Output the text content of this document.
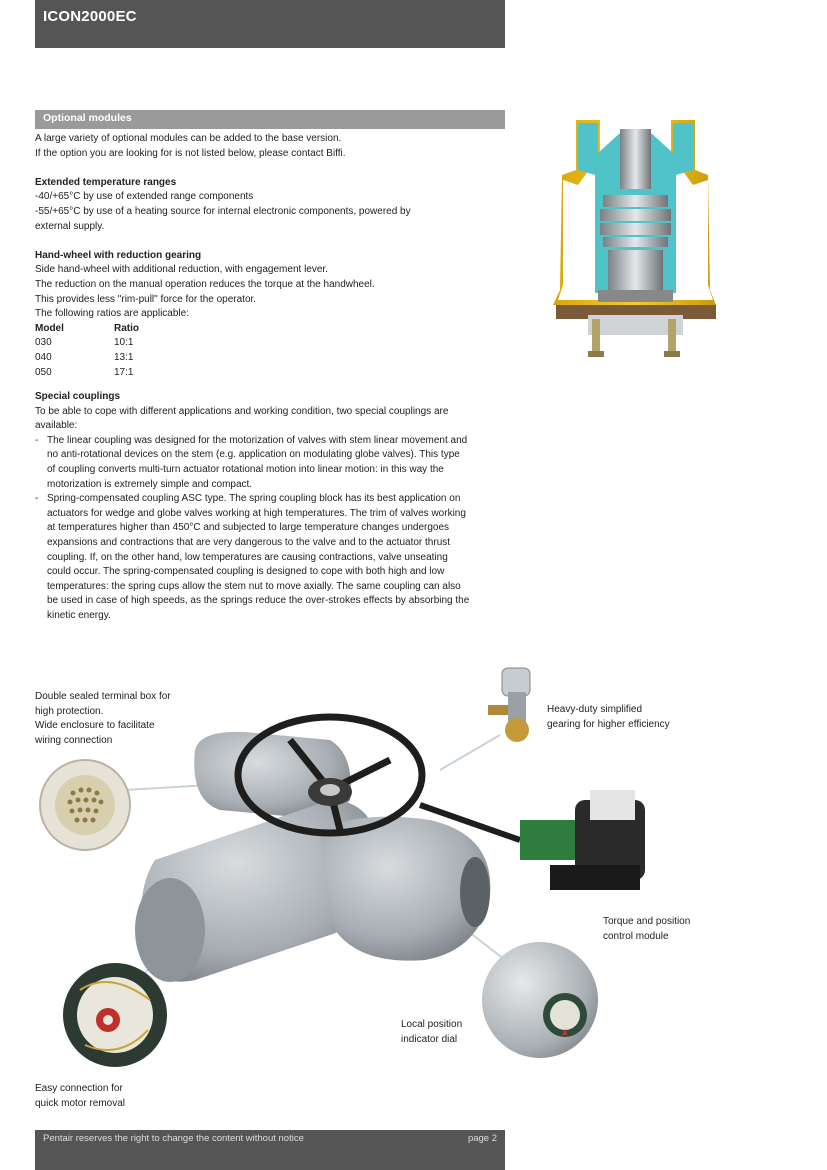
ICON2000EC
Optional modules

A large variety of optional modules can be added to the base version.

If the option you are looking for is not listed below, please contact Biffi.

Extended temperature ranges

-40/+65°C by use of extended range components

-55/+65°C by use of a heating source for internal electronic components, powered by

external supply.

Hand-wheel with reduction gearing

Side hand-wheel with additional reduction, with engagement lever.

The reduction on the manual operation reduces the torque at the handwheel.

This provides less "rim-pull" force for the operator.

The following ratios are applicable:

Model	Ratio
030	10:1
040	13:1
050	17:1

Special couplings

To be able to cope with different applications and working condition, two special couplings are

available:

- The linear coupling was designed for the motorization of valves with stem linear movement and
no anti-rotational devices on the stem (e.g. application on modulating globe valves). This type
of coupling converts multi-turn actuator rotational motion into linear motion: in this way the
motorization is extremely simple and compact.
- Spring-compensated coupling ASC type. The spring coupling block has its best application on
actuators for wedge and globe valves working at high temperatures. The trim of valves working
at temperatures higher than 450°C and subjected to large temperature changes undergoes
expansions and contractions that are very dangerous to the valve and to the actuator thrust
coupling. If, on the other hand, low temperatures are causing contractions, valve unseating
could occur. The spring-compensated coupling is designed to cope with both high and low
temperatures: the spring cups allow the stem nut to move axially. The same coupling can also
be used in case of high speeds, as the springs reduce the over-strokes effects by absorbing the
kinetic energy.
Double sealed terminal box for
high protection.
Wide enclosure to facilitate
wiring connection
Heavy-duty simplified
gearing for higher efficiency
Torque and position
control module
Local position
indicator dial
Easy connection for
quick motor removal
Pentair reserves the right to change the content without notice	page 2
